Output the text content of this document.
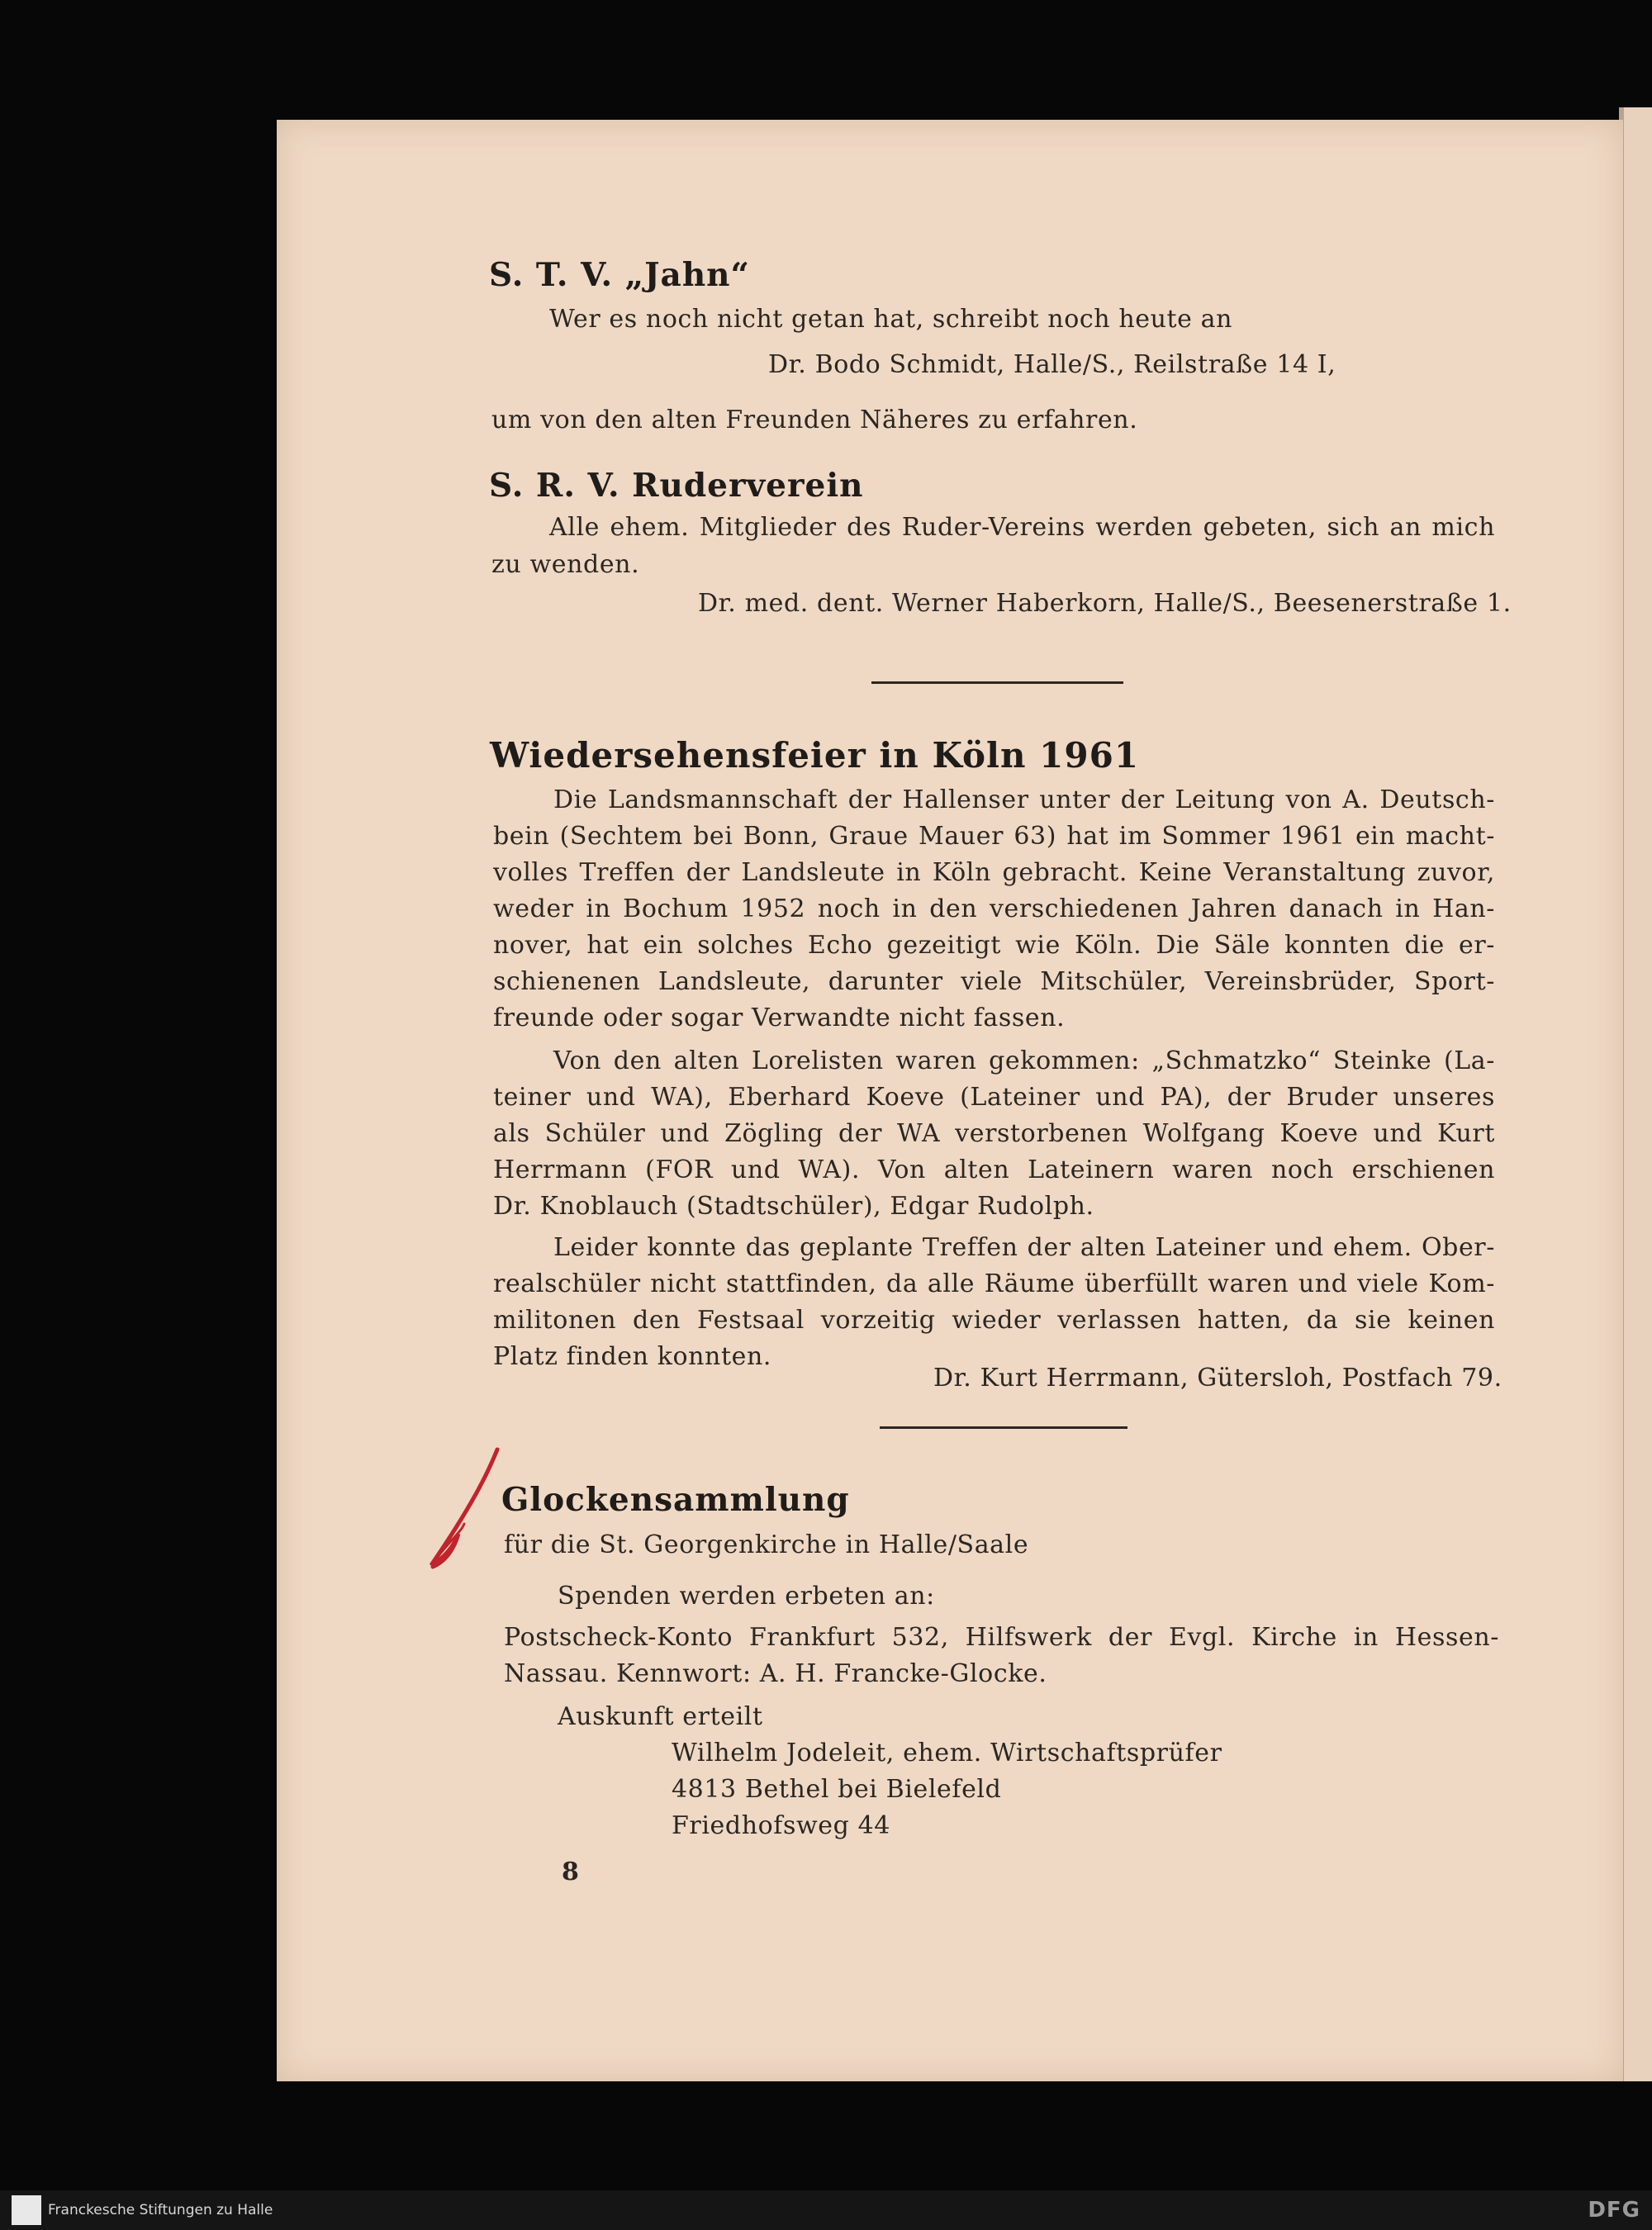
S. T. V. „Jahn“
Wer es noch nicht getan hat, schreibt noch heute an
Dr. Bodo Schmidt, Halle/S., Reilstraße 14 I,
um von den alten Freunden Näheres zu erfahren.
S. R. V. Ruderverein
Alle ehem. Mitglieder des Ruder-Vereins werden gebeten, sich an mich
zu wenden.
Dr. med. dent. Werner Haberkorn, Halle/S., Beesenerstraße 1.
Wiedersehensfeier in Köln 1961
Die Landsmannschaft der Hallenser unter der Leitung von A. Deutsch-
bein (Sechtem bei Bonn, Graue Mauer 63) hat im Sommer 1961 ein macht-
volles Treffen der Landsleute in Köln gebracht. Keine Veranstaltung zuvor,
weder in Bochum 1952 noch in den verschiedenen Jahren danach in Han-
nover, hat ein solches Echo gezeitigt wie Köln. Die Säle konnten die er-
schienenen Landsleute, darunter viele Mitschüler, Vereinsbrüder, Sport-
freunde oder sogar Verwandte nicht fassen.
Von den alten Lorelisten waren gekommen: „Schmatzko“ Steinke (La-
teiner und WA), Eberhard Koeve (Lateiner und PA), der Bruder unseres
als Schüler und Zögling der WA verstorbenen Wolfgang Koeve und Kurt
Herrmann (FOR und WA). Von alten Lateinern waren noch erschienen
Dr. Knoblauch (Stadtschüler), Edgar Rudolph.
Leider konnte das geplante Treffen der alten Lateiner und ehem. Ober-
realschüler nicht stattfinden, da alle Räume überfüllt waren und viele Kom-
militonen den Festsaal vorzeitig wieder verlassen hatten, da sie keinen
Platz finden konnten.
Dr. Kurt Herrmann, Gütersloh, Postfach 79.
Glockensammlung
für die St. Georgenkirche in Halle/Saale
Spenden werden erbeten an:
Postscheck-Konto Frankfurt 532, Hilfswerk der Evgl. Kirche in Hessen-
Nassau. Kennwort: A. H. Francke-Glocke.
Auskunft erteilt
Wilhelm Jodeleit, ehem. Wirtschaftsprüfer
4813 Bethel bei Bielefeld
Friedhofsweg 44
8
Franckesche Stiftungen zu Halle	DFG
